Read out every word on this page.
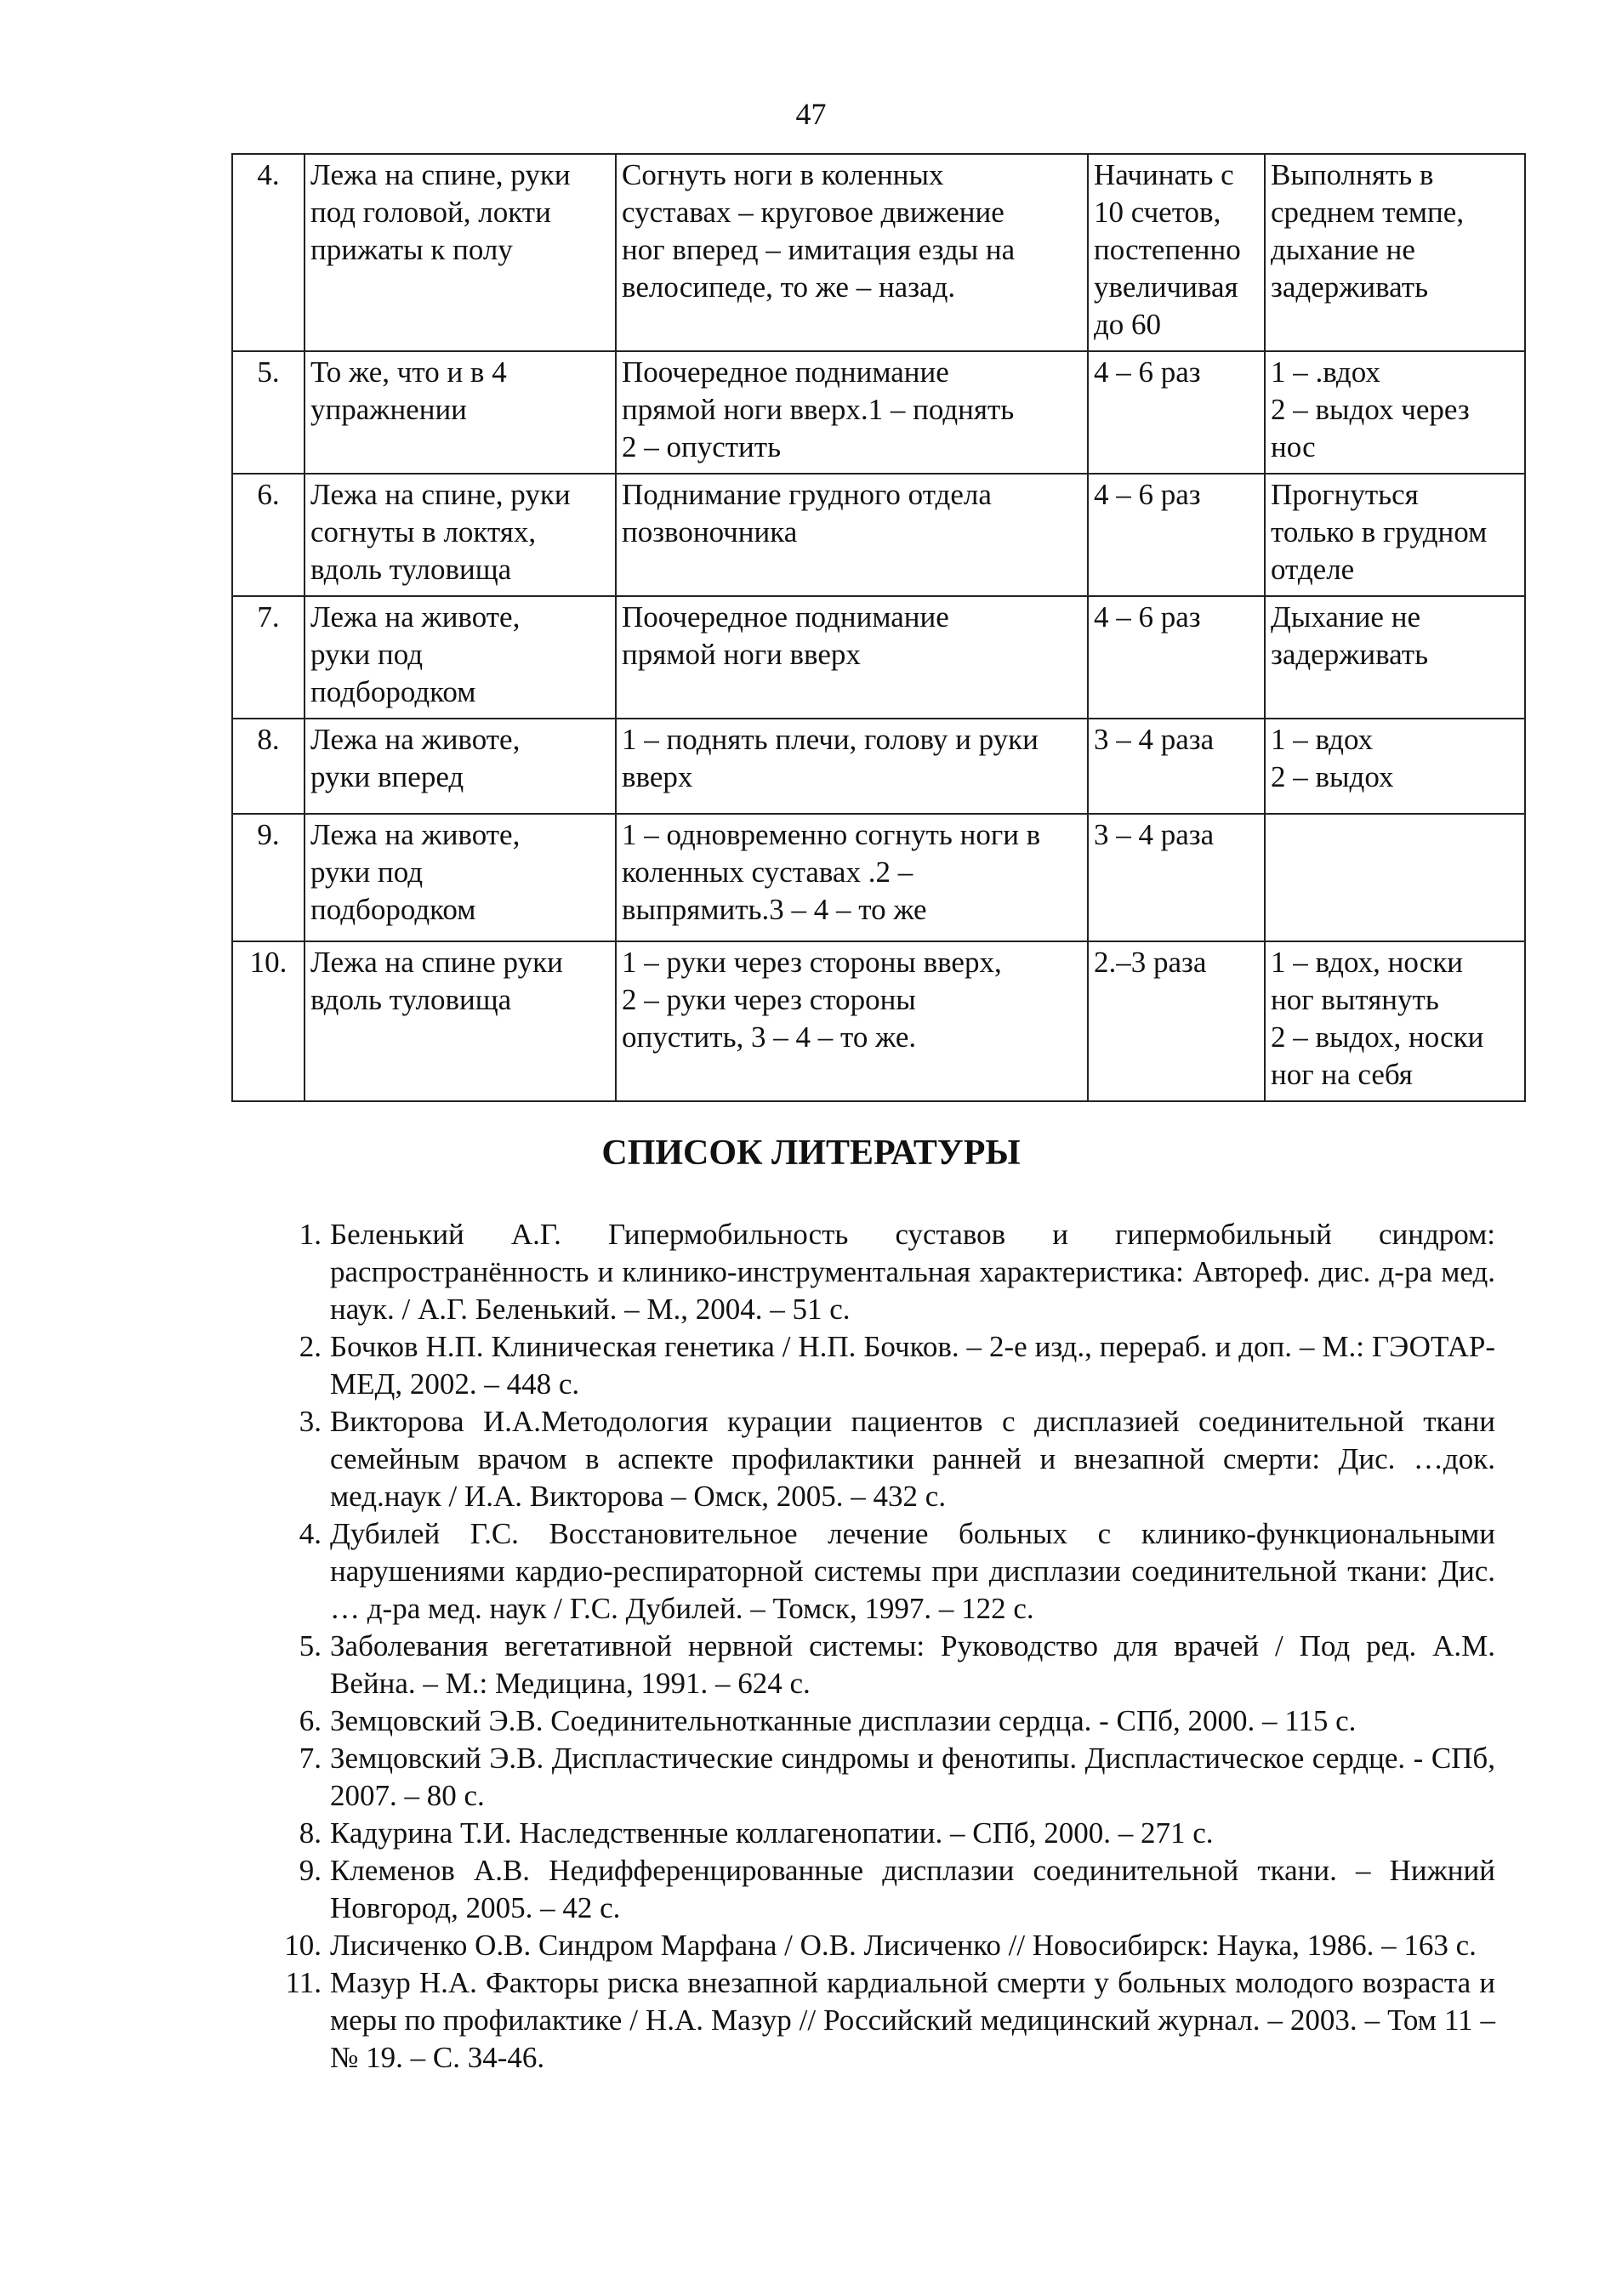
47
4.	Лежа на спине, руки
под головой, локти
прижаты к полу	Согнуть ноги в коленных
суставах – круговое движение
ног вперед – имитация езды на
велосипеде, то же – назад.	Начинать с
10 счетов,
постепенно
увеличивая
до 60	Выполнять в
среднем темпе,
дыхание не
задерживать
5.	То же, что и в 4
упражнении	Поочередное поднимание
прямой ноги вверх.1 – поднять
2 – опустить	4 – 6 раз	1 – .вдох
2 – выдох через
нос
6.	Лежа на спине, руки
согнуты в локтях,
вдоль туловища	Поднимание грудного отдела
позвоночника	4 – 6 раз	Прогнуться
только в грудном
отделе
7.	Лежа на животе,
руки под
подбородком	Поочередное поднимание
прямой ноги вверх	4 – 6 раз	Дыхание не
задерживать
8.	Лежа на животе,
руки вперед	1 – поднять плечи, голову и руки
вверх	3 – 4 раза	1 – вдох
2 – выдох
9.	Лежа на животе,
руки под
подбородком	1 – одновременно согнуть ноги в
коленных суставах .2 –
выпрямить.3 – 4 – то же	3 – 4 раза	
10.	Лежа на спине руки
вдоль туловища	1 – руки через стороны вверх,
2 – руки через стороны
опустить, 3 – 4 – то же.	2.–3 раза	1 – вдох, носки
ног вытянуть
2 – выдох, носки
ног на себя
СПИСОК ЛИТЕРАТУРЫ
1. Беленький А.Г. Гипермобильность суставов и гипермобильный синдром: распространённость и клинико-инструментальная характеристика: Автореф. дис. д-ра мед. наук. / А.Г. Беленький. – М., 2004. – 51 с.
2. Бочков Н.П. Клиническая генетика / Н.П. Бочков. – 2-е изд., перераб. и доп. – М.: ГЭОТАР-МЕД, 2002. – 448 с.
3. Викторова И.А.Методология курации пациентов с дисплазией соединительной ткани семейным врачом в аспекте профилактики ранней и внезапной смерти: Дис. …док. мед.наук / И.А. Викторова – Омск, 2005. – 432 с.
4. Дубилей Г.С. Восстановительное лечение больных с клинико-функциональными нарушениями кардио-респираторной системы при дисплазии соединительной ткани: Дис. … д-ра мед. наук / Г.С. Дубилей. – Томск, 1997. – 122 с.
5. Заболевания вегетативной нервной системы: Руководство для врачей / Под ред. А.М. Вейна. – М.: Медицина, 1991. – 624 с.
6. Земцовский Э.В. Соединительнотканные дисплазии сердца. - СПб, 2000. – 115 с.
7. Земцовский Э.В. Диспластические синдромы и фенотипы. Диспластическое сердце. - СПб, 2007. – 80 с.
8. Кадурина Т.И. Наследственные коллагенопатии. – СПб, 2000. – 271 с.
9. Клеменов А.В. Недифференцированные дисплазии соединительной ткани. – Нижний Новгород, 2005. – 42 с.
10. Лисиченко О.В. Синдром Марфана / О.В. Лисиченко // Новосибирск: Наука, 1986. – 163 с.
11. Мазур Н.А. Факторы риска внезапной кардиальной смерти у больных молодого возраста и меры по профилактике / Н.А. Мазур // Российский медицинский журнал. – 2003. – Том 11 – № 19. – С. 34-46.
